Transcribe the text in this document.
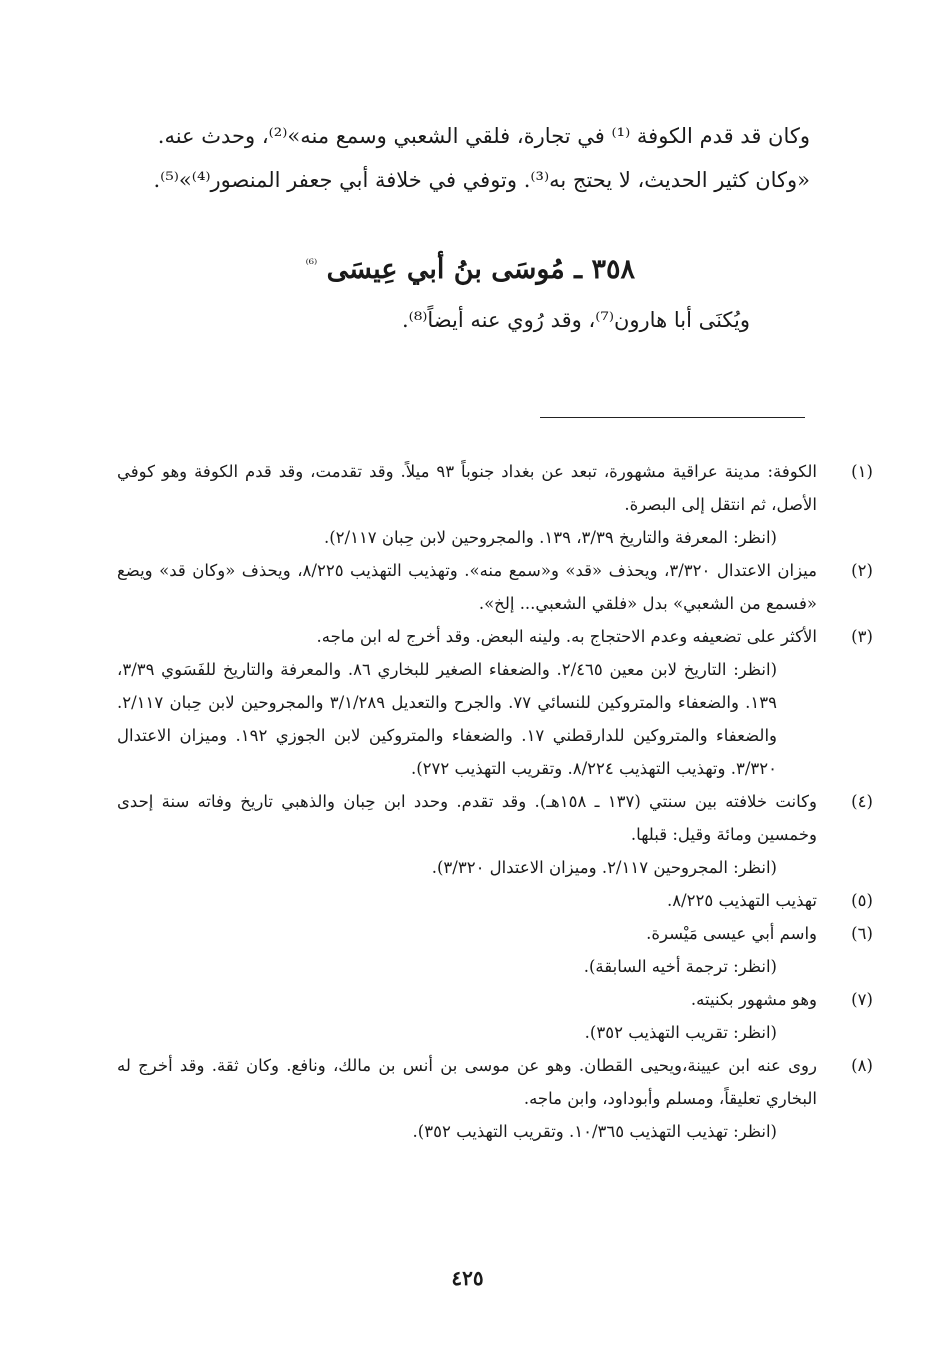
وكان قد قدم الكوفة ⁽¹⁾ في تجارة، فلقي الشعبي وسمع منه»⁽²⁾، وحدث عنه.

«وكان كثير الحديث، لا يحتج به⁽³⁾. وتوفي في خلافة أبي جعفر المنصور⁽⁴⁾»⁽⁵⁾.

٣٥٨ ـ مُوسَى بنُ أبي عِيسَى $^{^{(6)}}$
ويُكنَى أبا هارون⁽⁷⁾، وقد رُوي عنه أيضاً⁽⁸⁾.
(١)

الكوفة: مدينة عراقية مشهورة، تبعد عن بغداد جنوباً ٩٣ ميلاً. وقد تقدمت، وقد قدم الكوفة وهو كوفي الأصل، ثم انتقل إلى البصرة.

(انظر: المعرفة والتاريخ ٣/٣٩، ١٣٩. والمجروحين لابن حِبان ٢/١١٧).

(٢)

ميزان الاعتدال ٣/٣٢٠، ويحذف «قد» و«سمع منه». وتهذيب التهذيب ٨/٢٢٥، ويحذف «وكان قد» ويضع «فسمع من الشعبي» بدل «فلقي الشعبي... إلخ».

(٣)

الأكثر على تضعيفه وعدم الاحتجاج به. ولينه البعض. وقد أخرج له ابن ماجه.

(انظر: التاريخ لابن معين ٢/٤٦٥. والضعفاء الصغير للبخاري ٨٦. والمعرفة والتاريخ للفَسَوي ٣/٣٩، ١٣٩. والضعفاء والمتروكين للنسائي ٧٧. والجرح والتعديل ٣/١/٢٨٩ والمجروحين لابن حِبان ٢/١١٧. والضعفاء والمتروكين للدارقطني ١٧. والضعفاء والمتروكين لابن الجوزي ١٩٢. وميزان الاعتدال ٣/٣٢٠. وتهذيب التهذيب ٨/٢٢٤. وتقريب التهذيب ٢٧٢).

(٤)

وكانت خلافته بين سنتي (١٣٧ ـ ١٥٨هـ). وقد تقدم. وحدد ابن حِبان والذهبي تاريخ وفاته سنة إحدى وخمسين ومائة وقيل: قبلها.

(انظر: المجروحين ٢/١١٧. وميزان الاعتدال ٣/٣٢٠).

(٥)

تهذيب التهذيب ٨/٢٢٥.

(٦)

واسم أبي عيسى مَيْسرة.

(انظر: ترجمة أخيه السابقة).

(٧)

وهو مشهور بكنيته.

(انظر: تقريب التهذيب ٣٥٢).

(٨)

روى عنه ابن عيينة،ويحيى القطان. وهو عن موسى بن أنس بن مالك، ونافع. وكان ثقة. وقد أخرج له البخاري تعليقاً، ومسلم وأبوداود، وابن ماجه.

(انظر: تهذيب التهذيب ١٠/٣٦٥. وتقريب التهذيب ٣٥٢).

٤٢٥
